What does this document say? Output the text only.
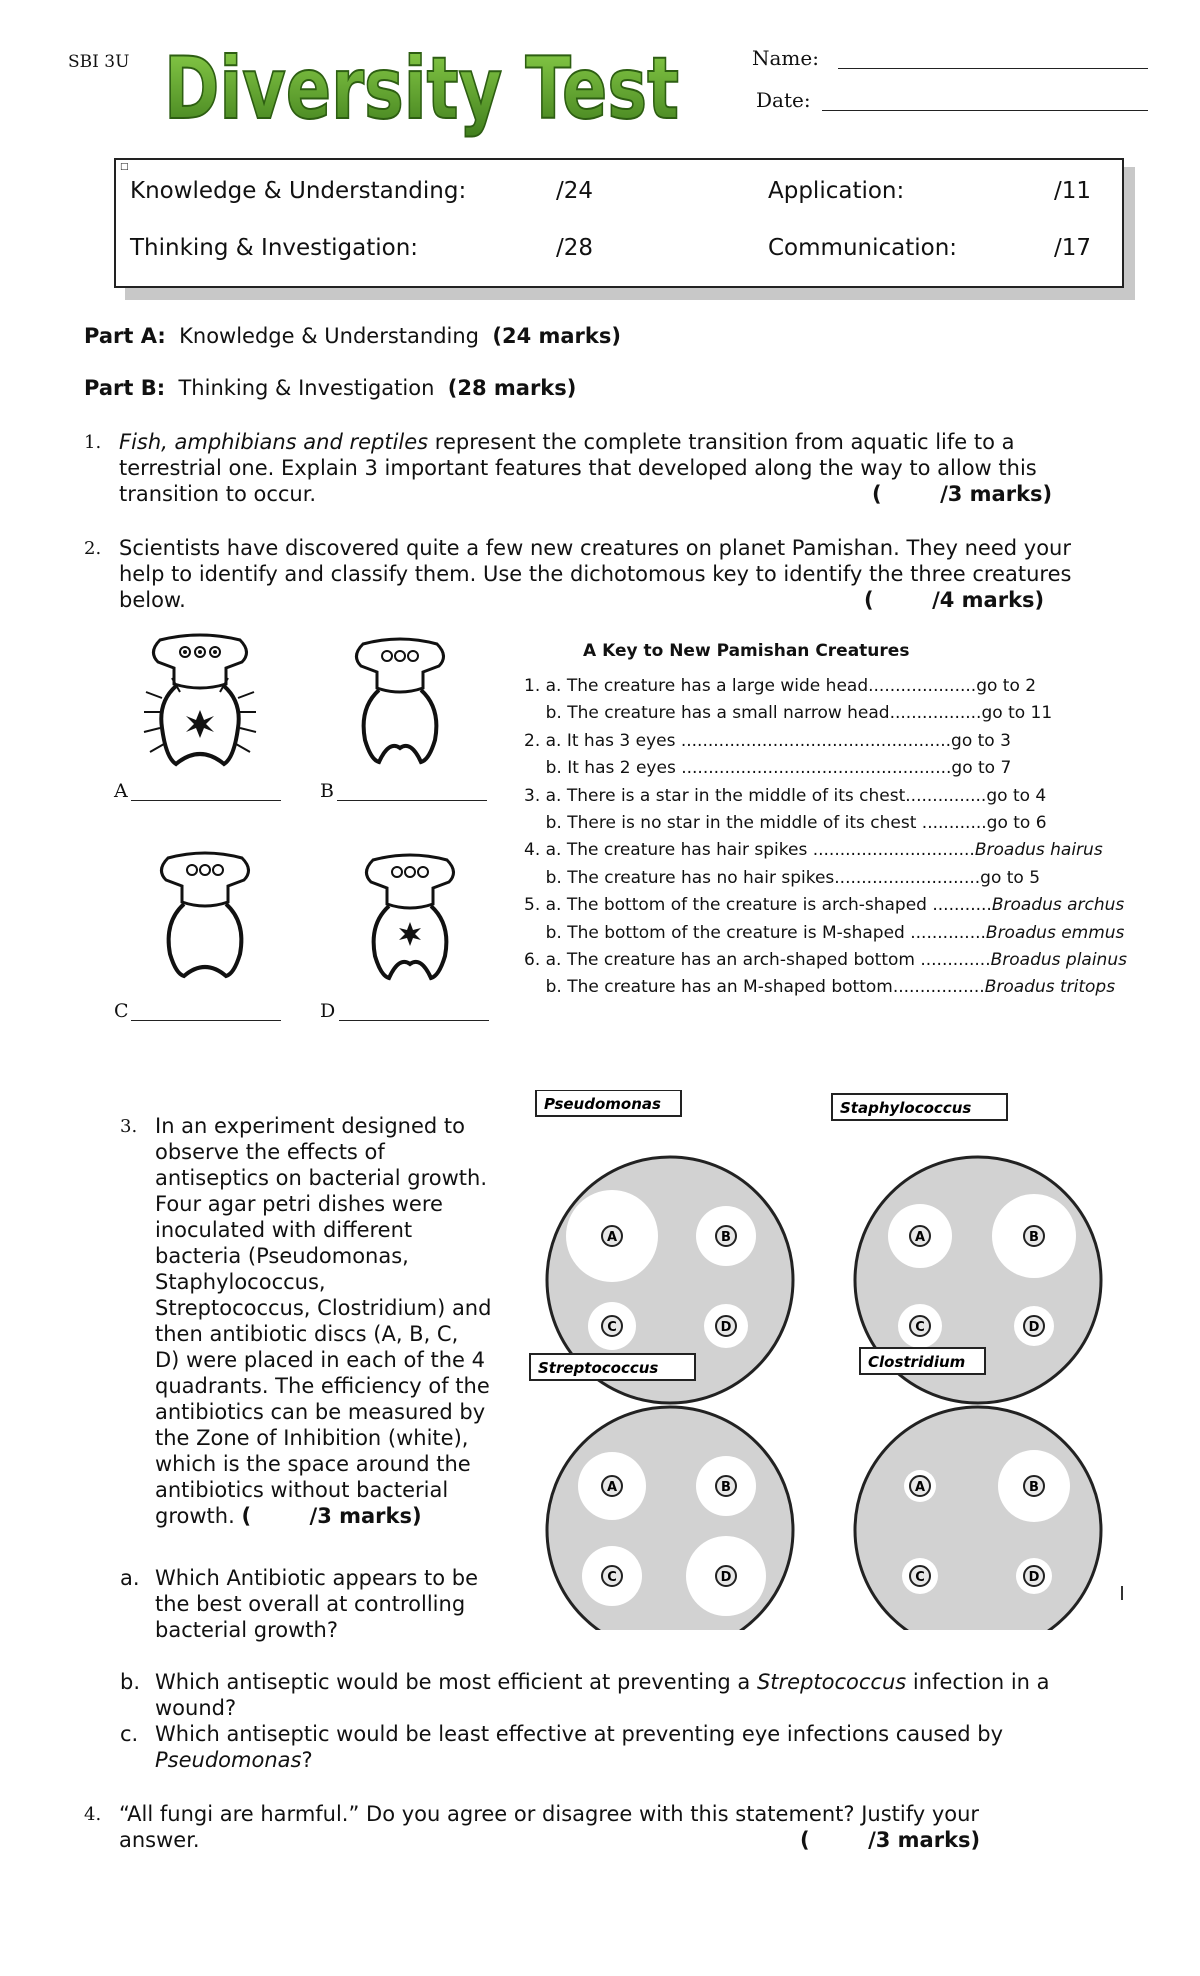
SBI 3U Diversity Test	Name:
Date:
□
Knowledge & Understanding:	/24	Application:	/11
Thinking & Investigation:	/28	Communication:	/17
Part A: Knowledge & Understanding (24 marks)
Part B: Thinking & Investigation (28 marks)
1. Fish, amphibians and reptiles represent the complete transition from aquatic life to a
terrestrial one. Explain 3 important features that developed along the way to allow this
transition to occur.	(        /3 marks)
2. Scientists have discovered quite a few new creatures on planet Pamishan. They need your
help to identify and classify them. Use the dichotomous key to identify the three creatures
below.	(        /4 marks)
A	B
C	D
A Key to New Pamishan Creatures
1. a. The creature has a large wide head....................go to 2
b. The creature has a small narrow head.................go to 11
2. a. It has 3 eyes ..................................................go to 3
b. It has 2 eyes ..................................................go to 7
3. a. There is a star in the middle of its chest...............go to 4
b. There is no star in the middle of its chest ............go to 6
4. a. The creature has hair spikes ..............................Broadus hairus
b. The creature has no hair spikes...........................go to 5
5. a. The bottom of the creature is arch-shaped ...........Broadus archus
b. The bottom of the creature is M-shaped ..............Broadus emmus
6. a. The creature has an arch-shaped bottom .............Broadus plainus
b. The creature has an M-shaped bottom.................Broadus tritops
3. In an experiment designed to
observe the effects of
antiseptics on bacterial growth.
Four agar petri dishes were
inoculated with different
bacteria (Pseudomonas,
Staphylococcus,
Streptococcus, Clostridium) and
then antibiotic discs (A, B, C,
D) were placed in each of the 4
quadrants. The efficiency of the
antibiotics can be measured by
the Zone of Inhibition (white),
which is the space around the
antibiotics without bacterial
growth. (        /3 marks)
a. Which Antibiotic appears to be
the best overall at controlling
bacterial growth?
b. Which antiseptic would be most efficient at preventing a Streptococcus infection in a
wound?
c. Which antiseptic would be least effective at preventing eye infections caused by
Pseudomonas?
A	B
C	D
Pseudomonas
A	B
C	D
Staphylococcus
A	B
C	D
Streptococcus
A	B
C	D
Clostridium
4. “All fungi are harmful.” Do you agree or disagree with this statement? Justify your
answer.	(        /3 marks)
